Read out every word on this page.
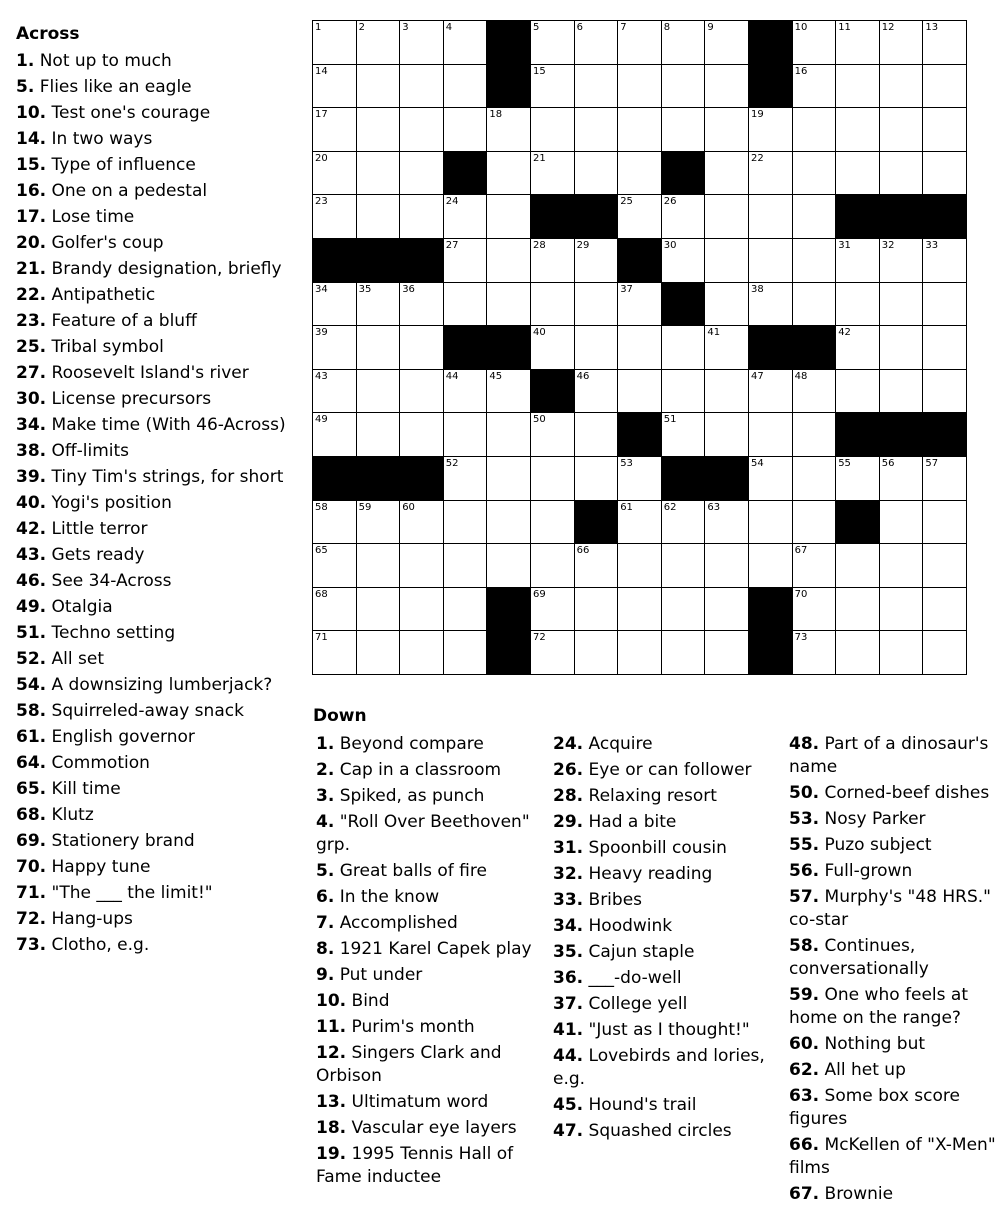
Across
1. Not up to much
5. Flies like an eagle
10. Test one's courage
14. In two ways
15. Type of influence
16. One on a pedestal
17. Lose time
20. Golfer's coup
21. Brandy designation, briefly
22. Antipathetic
23. Feature of a bluff
25. Tribal symbol
27. Roosevelt Island's river
30. License precursors
34. Make time (With 46-Across)
38. Off-limits
39. Tiny Tim's strings, for short
40. Yogi's position
42. Little terror
43. Gets ready
46. See 34-Across
49. Otalgia
51. Techno setting
52. All set
54. A downsizing lumberjack?
58. Squirreled-away snack
61. English governor
64. Commotion
65. Kill time
68. Klutz
69. Stationery brand
70. Happy tune
71. "The ___ the limit!"
72. Hang-ups
73. Clotho, e.g.
1	2	3	4	5	6	7	8	9	10	11	12	13
14	15	16
17	18	19
20	21	22
23	24	25	26
27	28	29	30	31	32	33
34	35	36	37	38
39	40	41	42
43	44	45	46	47	48
49	50	51
52	53	54	55	56	57
58	59	60	61	62	63
65	66	67
68	69	70
71	72	73
Down
1. Beyond compare
2. Cap in a classroom
3. Spiked, as punch
4. "Roll Over Beethoven" grp.
5. Great balls of fire
6. In the know
7. Accomplished
8. 1921 Karel Capek play
9. Put under
10. Bind
11. Purim's month
12. Singers Clark and Orbison
13. Ultimatum word
18. Vascular eye layers
19. 1995 Tennis Hall of Fame inductee
24. Acquire
26. Eye or can follower
28. Relaxing resort
29. Had a bite
31. Spoonbill cousin
32. Heavy reading
33. Bribes
34. Hoodwink
35. Cajun staple
36. ___-do-well
37. College yell
41. "Just as I thought!"
44. Lovebirds and lories, e.g.
45. Hound's trail
47. Squashed circles
48. Part of a dinosaur's name
50. Corned-beef dishes
53. Nosy Parker
55. Puzo subject
56. Full-grown
57. Murphy's "48 HRS." co-star
58. Continues, conversationally
59. One who feels at home on the range?
60. Nothing but
62. All het up
63. Some box score figures
66. McKellen of "X-Men" films
67. Brownie
